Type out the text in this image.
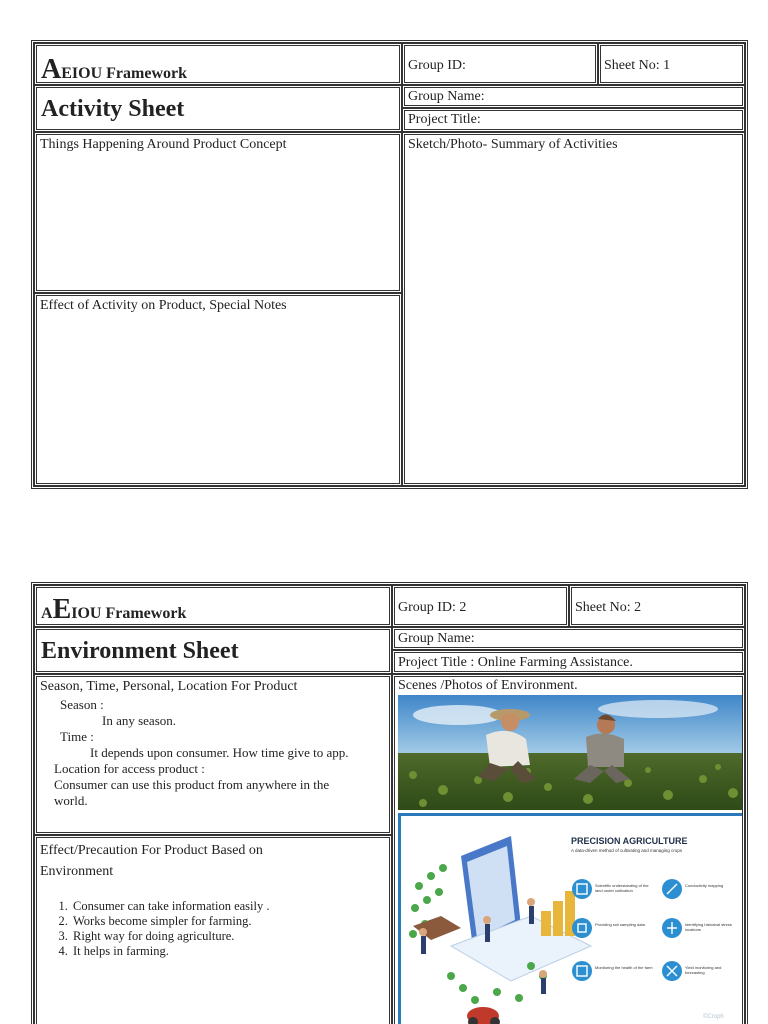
AEIOU Framework	Group ID:	Sheet No: 1
Activity Sheet	Group Name:
Project Title:
Things Happening Around Product Concept	Sketch/Photo- Summary of Activities
Effect of Activity on Product, Special Notes
AEIOU Framework	Group ID: 2	Sheet No: 2
Environment Sheet	Group Name:
Project Title : Online Farming Assistance.
Season, Time, Personal, Location For Product
Season :
In any season.
Time :
It depends upon consumer. How time give to app.
Location for access product :
Consumer can use this product from anywhere in the
world.
Effect/Precaution For Product Based on
Environment
1. Consumer can take information easily .
2. Works become simpler for farming.
3. Right way for doing agriculture.
4. It helps in farming.
Scenes /Photos of Environment.
PRECISION AGRICULTURE
A data-driven method of cultivating and managing crops
Scientific understanding of the land under cultivation
Conductivity mapping
Providing soil sampling data	Identifying historical stress locations
Monitoring the health of the farm	Yield monitoring and forecasting
©Croph
